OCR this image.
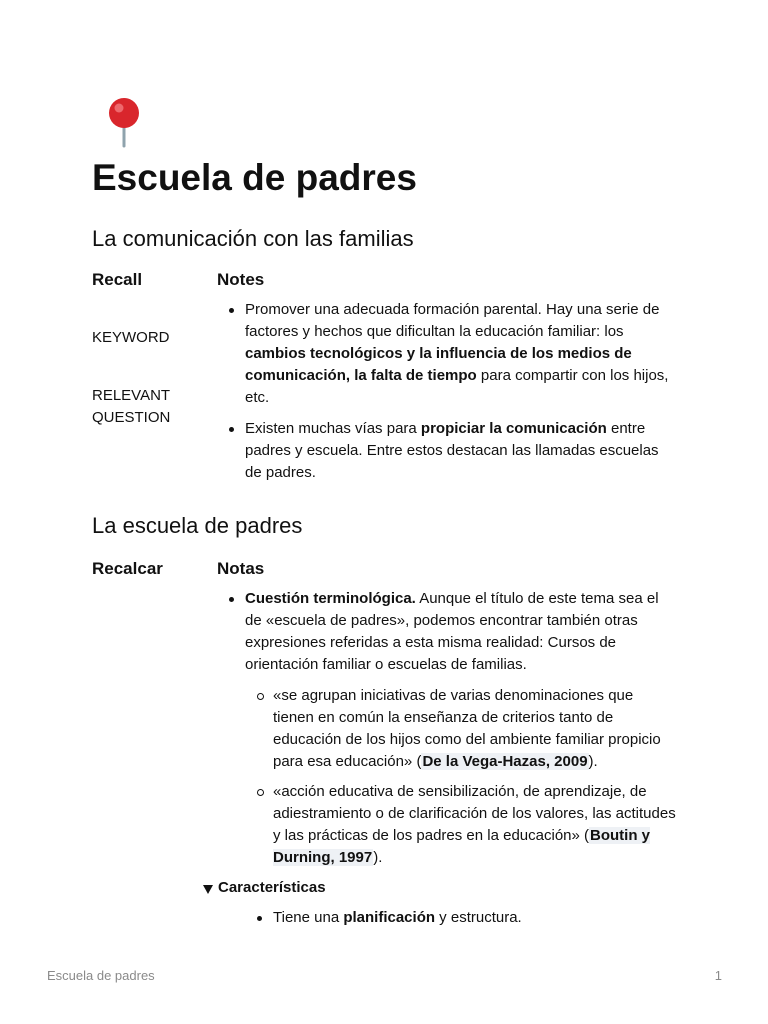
Escuela de padres
La comunicación con las familias
Recall	Notes
KEYWORD
RELEVANT
QUESTION
Promover una adecuada formación parental. Hay una serie de factores y hechos que dificultan la educación familiar: los cambios tecnológicos y la influencia de los medios de comunicación, la falta de tiempo para compartir con los hijos, etc.
Existen muchas vías para propiciar la comunicación entre padres y escuela. Entre estos destacan las llamadas escuelas de padres.
La escuela de padres
Recalcar	Notas
Cuestión terminológica. Aunque el título de este tema sea el de «escuela de padres», podemos encontrar también otras expresiones referidas a esta misma realidad: Cursos de orientación familiar o escuelas de familias.
«se agrupan iniciativas de varias denominaciones que tienen en común la enseñanza de criterios tanto de educación de los hijos como del ambiente familiar propicio para esa educación» (De la Vega-Hazas, 2009).
«acción educativa de sensibilización, de aprendizaje, de adiestramiento o de clarificación de los valores, las actitudes y las prácticas de los padres en la educación» (Boutin y Durning, 1997).
Características
Tiene una planificación y estructura.
Escuela de padres	1
